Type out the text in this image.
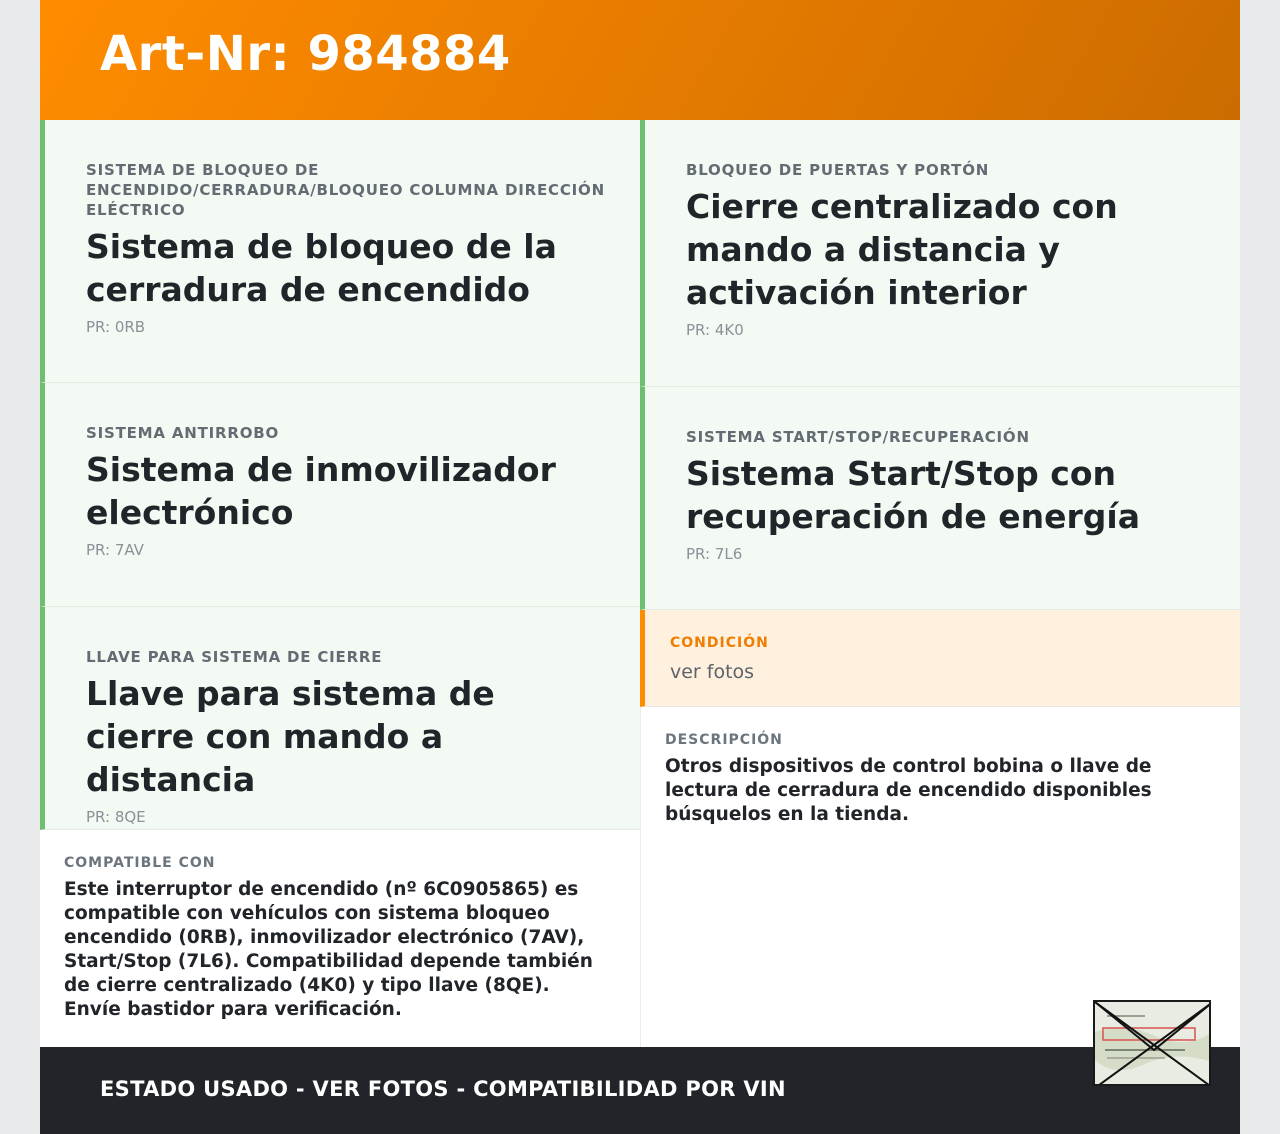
Art-Nr: 984884
SISTEMA DE BLOQUEO DE ENCENDIDO/CERRADURA/BLOQUEO COLUMNA DIRECCIÓN ELÉCTRICO
Sistema de bloqueo de la cerradura de encendido
PR: 0RB
BLOQUEO DE PUERTAS Y PORTÓN
Cierre centralizado con mando a distancia y activación interior
PR: 4K0
SISTEMA ANTIRROBO
Sistema de inmovilizador electrónico
PR: 7AV
SISTEMA START/STOP/RECUPERACIÓN
Sistema Start/Stop con recuperación de energía
PR: 7L6
LLAVE PARA SISTEMA DE CIERRE
Llave para sistema de cierre con mando a distancia
PR: 8QE
CONDICIÓN
ver fotos
DESCRIPCIÓN
Otros dispositivos de control bobina o llave de lectura de cerradura de encendido disponibles búsquelos en la tienda.
COMPATIBLE CON
Este interruptor de encendido (nº 6C0905865) es compatible con vehículos con sistema bloqueo encendido (0RB), inmovilizador electrónico (7AV), Start/Stop (7L6). Compatibilidad depende también de cierre centralizado (4K0) y tipo llave (8QE). Envíe bastidor para verificación.
ESTADO USADO - VER FOTOS - COMPATIBILIDAD POR VIN
